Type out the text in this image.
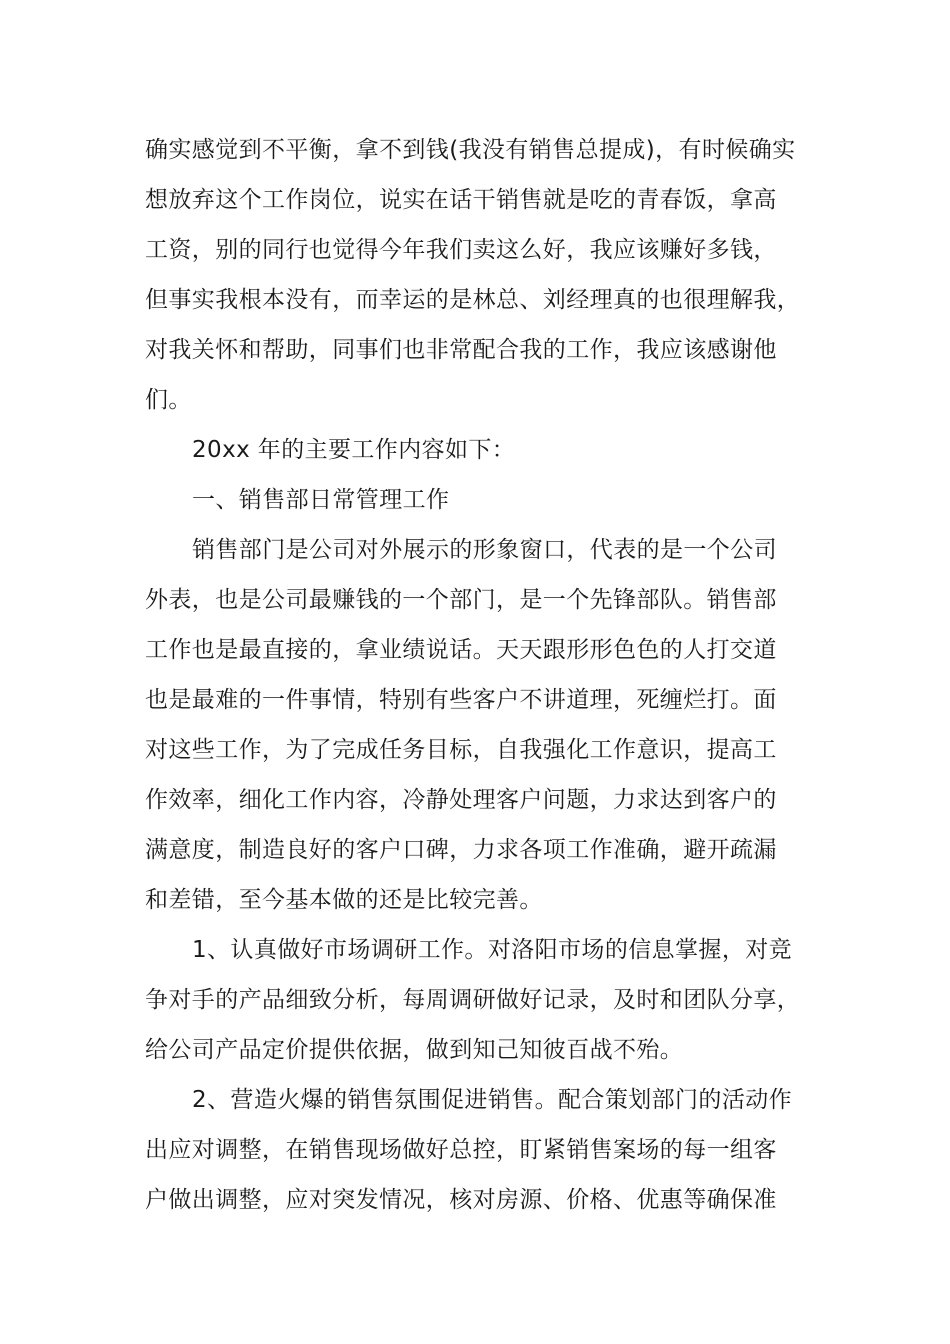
确实感觉到不平衡，拿不到钱(我没有销售总提成)，有时候确实
想放弃这个工作岗位，说实在话干销售就是吃的青春饭，拿高
工资，别的同行也觉得今年我们卖这么好，我应该赚好多钱，
但事实我根本没有，而幸运的是林总、刘经理真的也很理解我，
对我关怀和帮助，同事们也非常配合我的工作，我应该感谢他
们。
20xx 年的主要工作内容如下：
一、销售部日常管理工作
销售部门是公司对外展示的形象窗口，代表的是一个公司
外表，也是公司最赚钱的一个部门，是一个先锋部队。销售部
工作也是最直接的，拿业绩说话。天天跟形形色色的人打交道
也是最难的一件事情，特别有些客户不讲道理，死缠烂打。面
对这些工作，为了完成任务目标，自我强化工作意识，提高工
作效率，细化工作内容，冷静处理客户问题，力求达到客户的
满意度，制造良好的客户口碑，力求各项工作准确，避开疏漏
和差错，至今基本做的还是比较完善。
1、认真做好市场调研工作。对洛阳市场的信息掌握，对竞
争对手的产品细致分析，每周调研做好记录，及时和团队分享，
给公司产品定价提供依据，做到知己知彼百战不殆。
2、营造火爆的销售氛围促进销售。配合策划部门的活动作
出应对调整，在销售现场做好总控，盯紧销售案场的每一组客
户做出调整，应对突发情况，核对房源、价格、优惠等确保准
